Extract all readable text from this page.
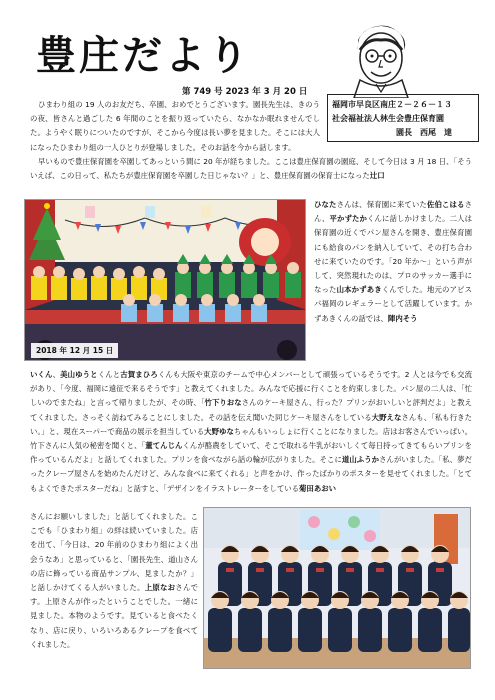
豊庄だより
第 749 号 2023 年 3 月 20 日
福岡市早良区南庄２－２６－１３
社会福祉法人林生会豊庄保育園
園長　西尾　達

ひまわり組の 19 人のお友だち、卒園、おめでとうございます。園長先生は、きのうの夜、皆さんと過ごした 6 年間のことを振り返っていたら、なかなか眠れませんでした。ようやく眠りについたのですが、そこから今度は長い夢を見ました。そこには大人になったひまわり組の一人ひとりが登場しました。そのお話を今から話します。

早いもので豊庄保育園を卒園してあっという間に 20 年が経ちました。ここは豊庄保育園の園庭、そして今日は 3 月 18 日、「そういえば、この日って、私たちが豊庄保育園を卒園した日じゃない？」と、豊庄保育園の保育士になった辻口

2018 年 12 月 15 日

ひなたさんは、保育園に来ていた佐伯こはるさん、平かずたかくんに話しかけました。二人は保育園の近くでパン屋さんを開き、豊庄保育園にも給食のパンを納入していて、その打ち合わせに来ていたのです。「20 年か～」という声がして、突然現れたのは、プロのサッカー選手になった山本かずあきくんでした。地元のアビスパ福岡のレギュラーとして活躍しています。かずあきくんの話では、陣内そう

いくん、美山ゆうとくんと古賀まひろくんも大阪や東京のチームで中心メンバーとして頑張っているそうです。2 人とは今でも交流があり、「今度、福岡に遠征で来るそうです」と教えてくれました。みんなで応援に行くことを約束しました。パン屋の二人は、「忙しいのでまたね」と言って帰りましたが、その時、「竹下りおなさんのケーキ屋さん、行った？プリンがおいしいと評判だよ」と教えてくれました。さっそく訪ねてみることにしました。その話を伝え聞いた同じケーキ屋さんをしている大野えなさんも、「私も行きたい。」と、現在スーパーで商品の展示を担当している大野ゆなちゃんもいっしょに行くことになりました。店はお客さんでいっぱい。竹下さんに人気の秘密を聞くと、「董てんじんくんが酪農をしていて、そこで取れる牛乳がおいしくて毎日持ってきてもらいプリンを作っているんだよ」と話してくれました。プリンを食べながら話の輪が広がりました。そこに道山ふうかさんがいました。「私、夢だったクレープ屋さんを始めたんだけど、みんな食べに来てくれる」と声をかけ、作ったばかりのポスターを見せてくれました。「とてもよくできたポスターだね」と話すと、「デザインをイラストレーターをしている菊田あおい

さんにお願いしました」と話してくれました。ここでも「ひまわり組」の絆は続いていました。店を出て、「今日は、20 年前のひまわり組によく出会うなあ」と思っていると、「園長先生、道山さんの店に飾っている商品サンプル、見ましたか？」と話しかけてくる人がいました。上原なおさんです。上原さんが作ったということでした。一緒に見ました。本物のようです。見ていると食べたくなり、店に戻り、いろいろあるクレープを食べてくれました。
